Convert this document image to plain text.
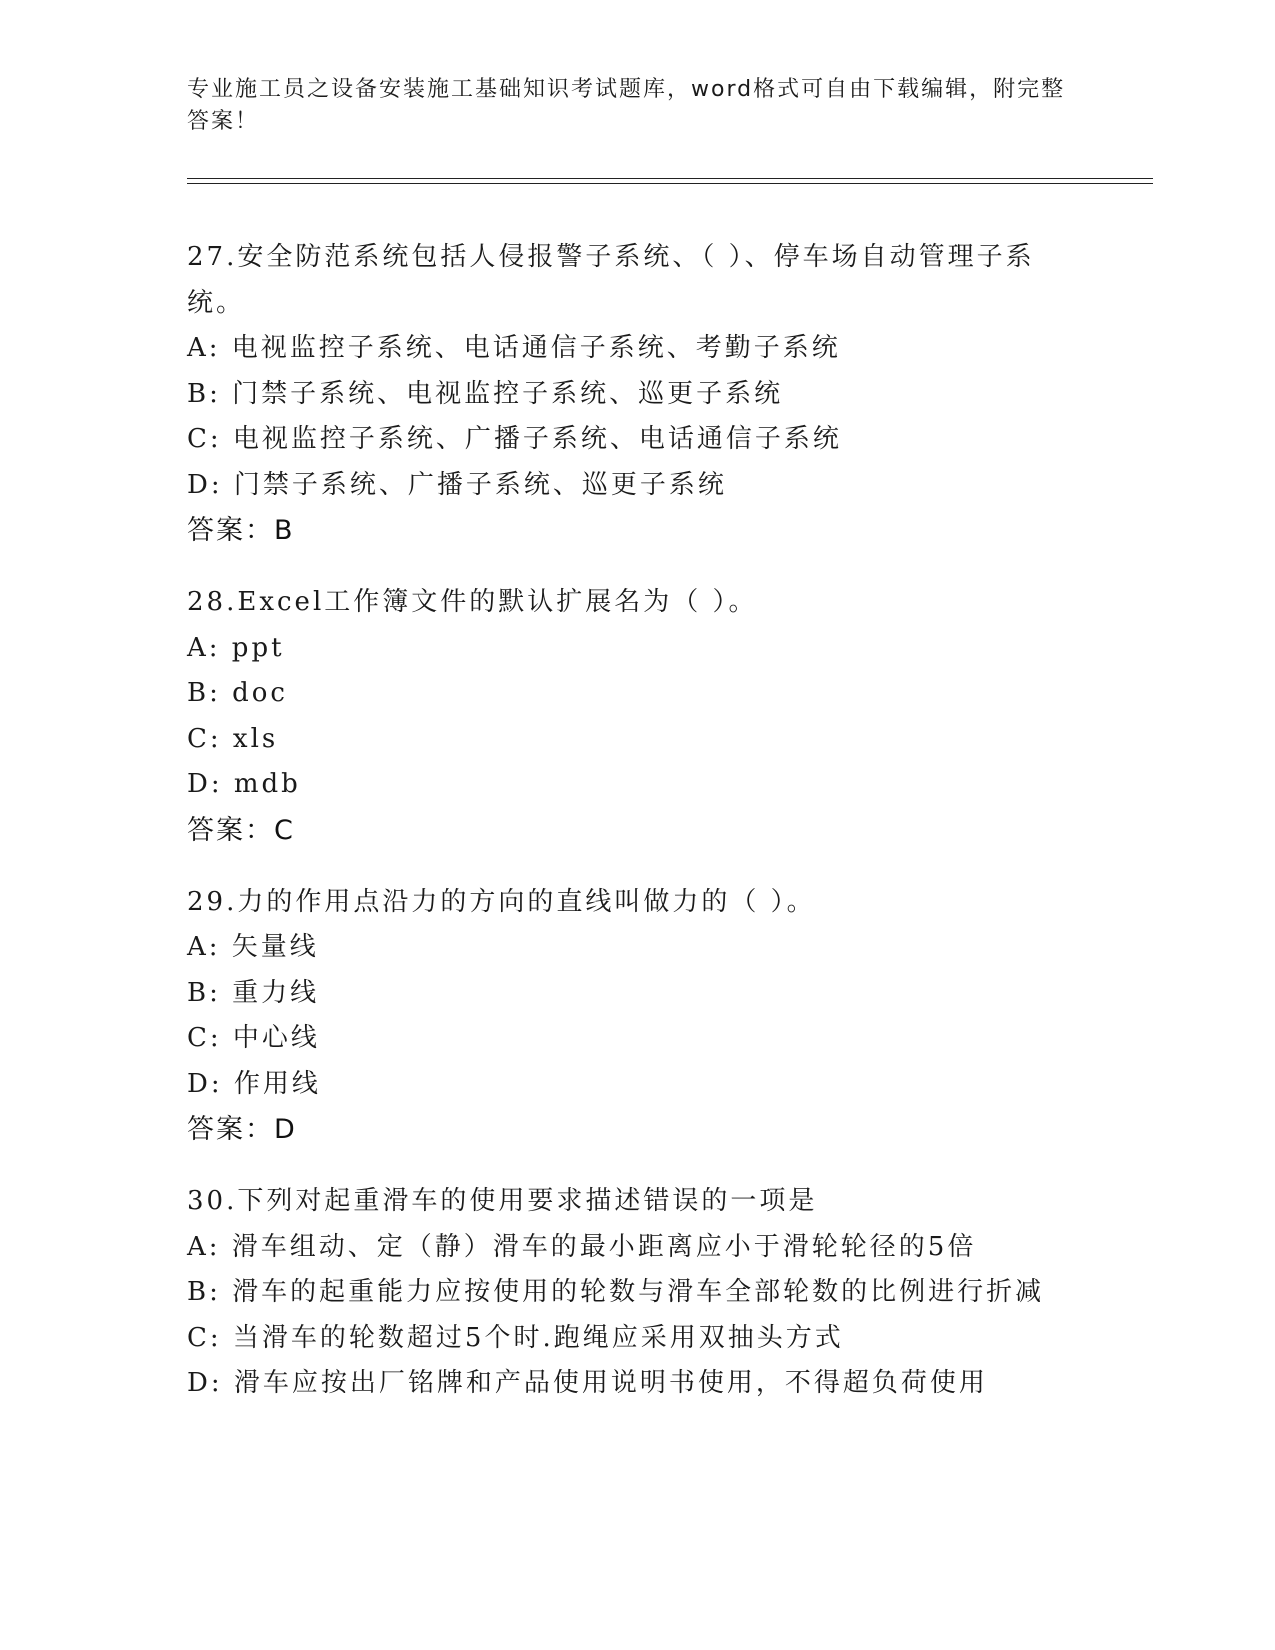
专业施工员之设备安装施工基础知识考试题库，word格式可自由下载编辑，附完整答案！

27.安全防范系统包括人侵报警子系统、（ ）、停车场自动管理子系统。

A: 电视监控子系统、电话通信子系统、考勤子系统

B: 门禁子系统、电视监控子系统、巡更子系统

C: 电视监控子系统、广播子系统、电话通信子系统

D: 门禁子系统、广播子系统、巡更子系统

答案：B

28.Excel工作簿文件的默认扩展名为（ ）。

A: ppt

B: doc

C: xls

D: mdb

答案：C

29.力的作用点沿力的方向的直线叫做力的（ ）。

A: 矢量线

B: 重力线

C: 中心线

D: 作用线

答案：D

30.下列对起重滑车的使用要求描述错误的一项是

A: 滑车组动、定（静）滑车的最小距离应小于滑轮轮径的5倍

B: 滑车的起重能力应按使用的轮数与滑车全部轮数的比例进行折减

C: 当滑车的轮数超过5个时.跑绳应采用双抽头方式

D: 滑车应按出厂铭牌和产品使用说明书使用，不得超负荷使用
